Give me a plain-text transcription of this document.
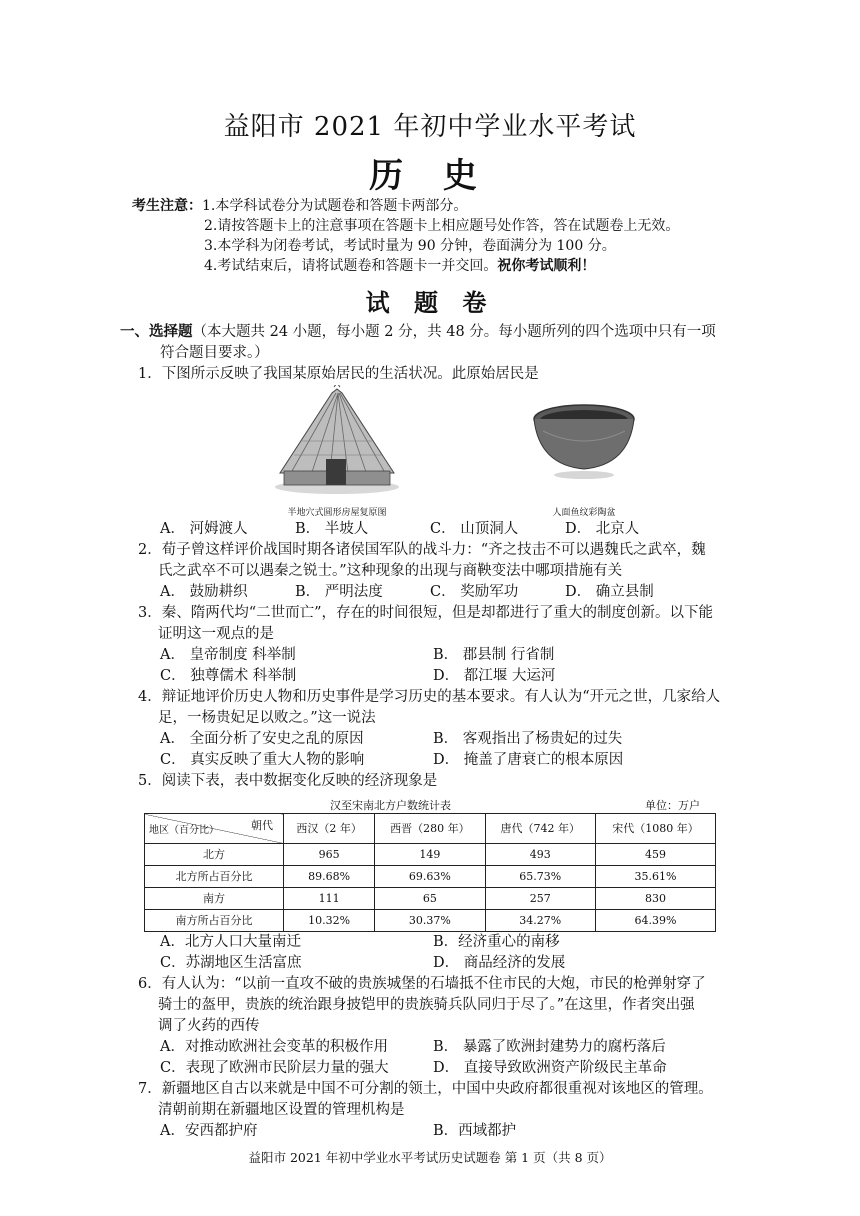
益阳市 2021 年初中学业水平考试
历 史
考生注意：1.本学科试卷分为试题卷和答题卡两部分。
2.请按答题卡上的注意事项在答题卡上相应题号处作答，答在试题卷上无效。
3.本学科为闭卷考试，考试时量为 90 分钟，卷面满分为 100 分。
4.考试结束后，请将试题卷和答题卡一并交回。祝你考试顺利！
试 题 卷
一、选择题（本大题共 24 小题，每小题 2 分，共 48 分。每小题所列的四个选项中只有一项
符合题目要求。）
1．下图所示反映了我国某原始居民的生活状况。此原始居民是
半地穴式圆形房屋复原图	人面鱼纹彩陶盆
A． 河姆渡人	B． 半坡人	C． 山顶洞人	D． 北京人
2．荀子曾这样评价战国时期各诸侯国军队的战斗力：“齐之技击不可以遇魏氏之武卒，魏
氏之武卒不可以遇秦之锐士。”这种现象的出现与商鞅变法中哪项措施有关
A． 鼓励耕织	B． 严明法度	C． 奖励军功	D． 确立县制
3．秦、隋两代均“二世而亡”，存在的时间很短，但是却都进行了重大的制度创新。以下能
证明这一观点的是
A． 皇帝制度 科举制	B． 郡县制 行省制
C． 独尊儒术 科举制	D． 都江堰 大运河
4．辩证地评价历史人物和历史事件是学习历史的基本要求。有人认为“开元之世，几家给人
足，一杨贵妃足以败之。”这一说法
A． 全面分析了安史之乱的原因	B． 客观指出了杨贵妃的过失
C． 真实反映了重大人物的影响	D． 掩盖了唐衰亡的根本原因
5．阅读下表，表中数据变化反映的经济现象是
汉至宋南北方户数统计表	单位：万户
朝代
地区（百分比）	西汉（2 年）	西晋（280 年）	唐代（742 年）	宋代（1080 年）
北方	965	149	493	459
北方所占百分比	89.68%	69.63%	65.73%	35.61%
南方	111	65	257	830
南方所占百分比	10.32%	30.37%	34.27%	64.39%
A．北方人口大量南迁	B．经济重心的南移
C．苏湖地区生活富庶	D． 商品经济的发展
6．有人认为：“以前一直攻不破的贵族城堡的石墙抵不住市民的大炮，市民的枪弹射穿了
骑士的盔甲，贵族的统治跟身披铠甲的贵族骑兵队同归于尽了。”在这里，作者突出强
调了火药的西传
A．对推动欧洲社会变革的积极作用	B． 暴露了欧洲封建势力的腐朽落后
C．表现了欧洲市民阶层力量的强大	D． 直接导致欧洲资产阶级民主革命
7．新疆地区自古以来就是中国不可分割的领土，中国中央政府都很重视对该地区的管理。
清朝前期在新疆地区设置的管理机构是
A．安西都护府	B．西域都护
益阳市 2021 年初中学业水平考试历史试题卷 第 1 页（共 8 页）
